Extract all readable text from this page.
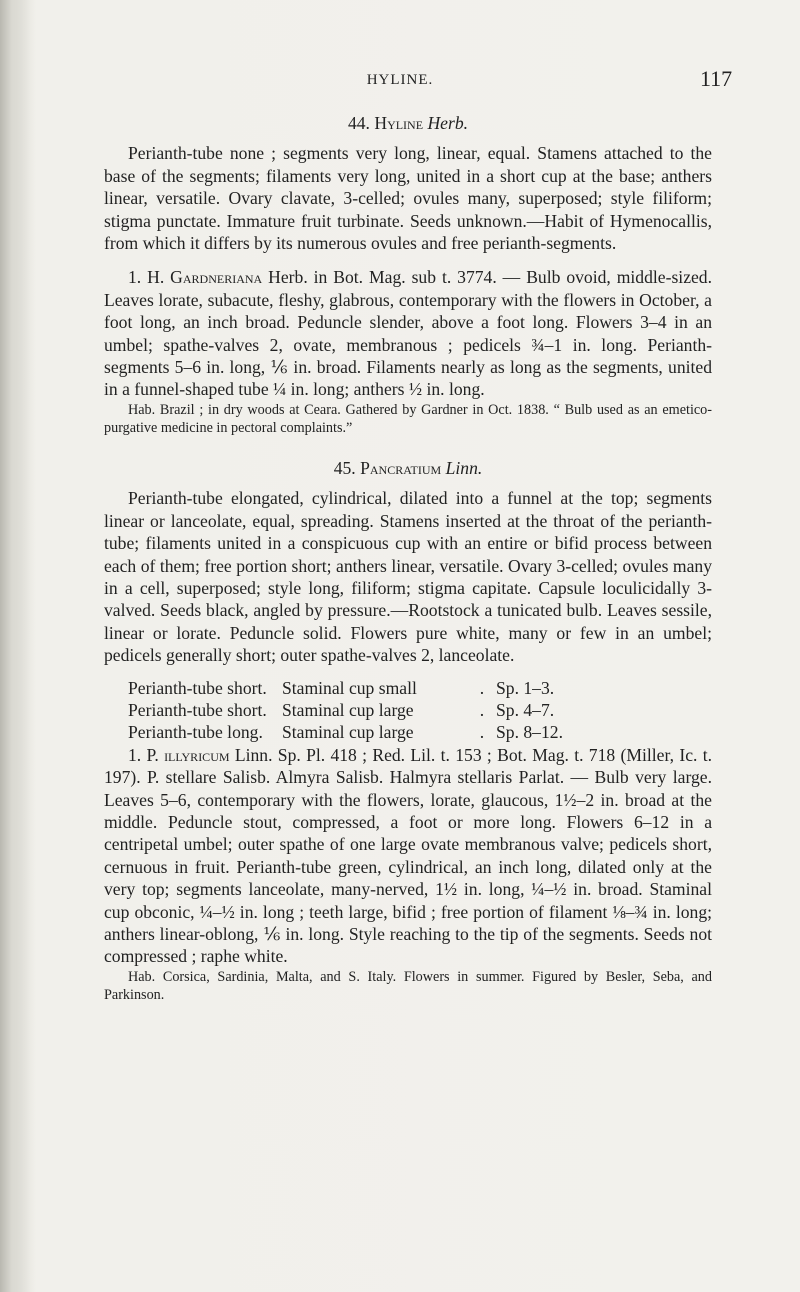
HYLINE.	117
44. Hyline Herb.

Perianth-tube none ; segments very long, linear, equal. Stamens attached to the base of the segments; filaments very long, united in a short cup at the base; anthers linear, versatile. Ovary clavate, 3-celled; ovules many, superposed; style filiform; stigma punctate. Immature fruit turbinate. Seeds unknown.—Habit of Hymenocallis, from which it differs by its numerous ovules and free perianth-segments.

1. H. Gardneriana Herb. in Bot. Mag. sub t. 3774. — Bulb ovoid, middle-sized. Leaves lorate, subacute, fleshy, glabrous, contemporary with the flowers in October, a foot long, an inch broad. Peduncle slender, above a foot long. Flowers 3–4 in an umbel; spathe-valves 2, ovate, membranous ; pedicels ¾–1 in. long. Perianth-segments 5–6 in. long, ⅙ in. broad. Filaments nearly as long as the segments, united in a funnel-shaped tube ¼ in. long; anthers ½ in. long.

Hab. Brazil ; in dry woods at Ceara. Gathered by Gardner in Oct. 1838. “ Bulb used as an emetico-purgative medicine in pectoral complaints.”

45. Pancratium Linn.

Perianth-tube elongated, cylindrical, dilated into a funnel at the top; segments linear or lanceolate, equal, spreading. Stamens inserted at the throat of the perianth-tube; filaments united in a conspicuous cup with an entire or bifid process between each of them; free portion short; anthers linear, versatile. Ovary 3-celled; ovules many in a cell, superposed; style long, filiform; stigma capitate. Capsule loculicidally 3-valved. Seeds black, angled by pressure.—Rootstock a tunicated bulb. Leaves sessile, linear or lorate. Peduncle solid. Flowers pure white, many or few in an umbel; pedicels generally short; outer spathe-valves 2, lanceolate.

Perianth-tube short. Staminal cup small	. Sp. 1–3.
Perianth-tube short. Staminal cup large	. Sp. 4–7.
Perianth-tube long.	Staminal cup large	. Sp. 8–12.

1. P. illyricum Linn. Sp. Pl. 418 ; Red. Lil. t. 153 ; Bot. Mag. t. 718 (Miller, Ic. t. 197). P. stellare Salisb. Almyra Salisb. Halmyra stellaris Parlat. — Bulb very large. Leaves 5–6, contemporary with the flowers, lorate, glaucous, 1½–2 in. broad at the middle. Peduncle stout, compressed, a foot or more long. Flowers 6–12 in a centripetal umbel; outer spathe of one large ovate membranous valve; pedicels short, cernuous in fruit. Perianth-tube green, cylindrical, an inch long, dilated only at the very top; segments lanceolate, many-nerved, 1½ in. long, ¼–½ in. broad. Staminal cup obconic, ¼–½ in. long ; teeth large, bifid ; free portion of filament ⅛–¾ in. long; anthers linear-oblong, ⅙ in. long. Style reaching to the tip of the segments. Seeds not compressed ; raphe white.

Hab. Corsica, Sardinia, Malta, and S. Italy. Flowers in summer. Figured by Besler, Seba, and Parkinson.
